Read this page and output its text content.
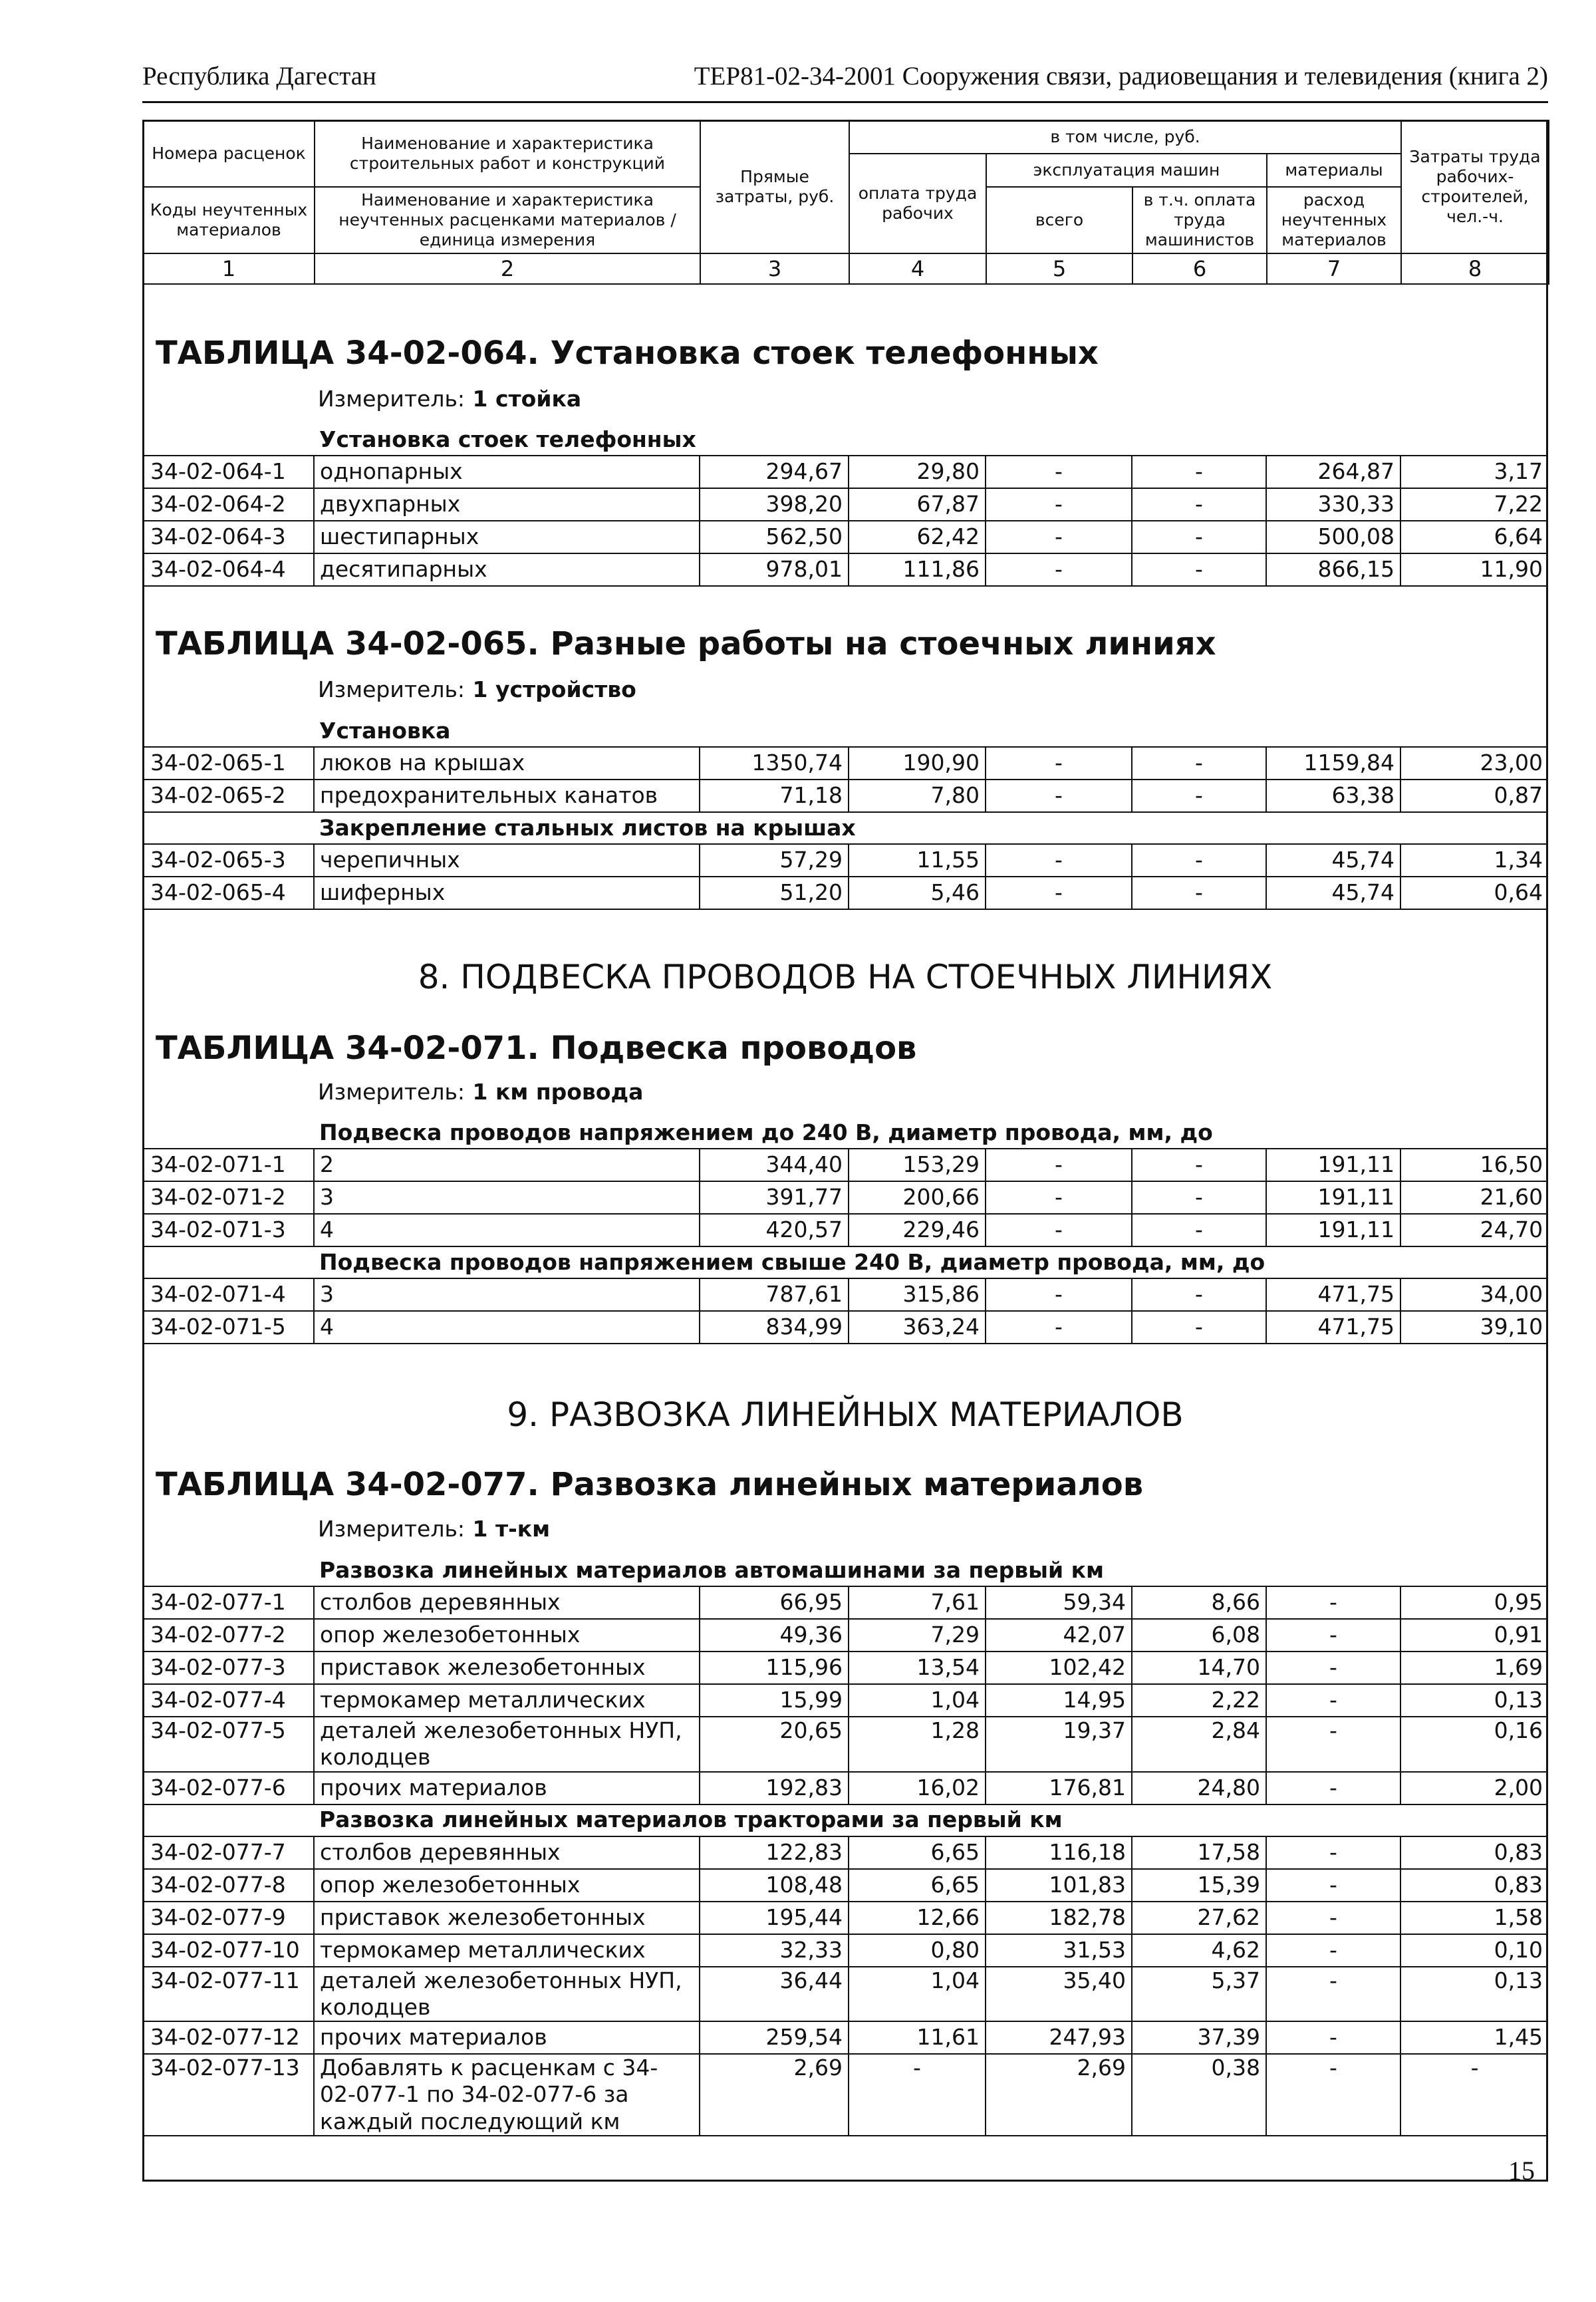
Республика Дагестан	ТЕР81-02-34-2001 Сооружения связи, радиовещания и телевидения (книга 2)
Номера расценок	Наименование и характеристика строительных работ и конструкций	Прямые затраты, руб.	в том числе, руб.				Затраты труда рабочих-строителей, чел.-ч.
			оплата труда рабочих	эксплуатация машин		материалы	
Коды неучтенных материалов	Наименование и характеристика неучтенных расценками материалов / единица измерения			всего	в т.ч. оплата труда машинистов	расход неучтенных материалов	

1	2	3	4	5	6	7	8
ТАБЛИЦА 34-02-064. Установка стоек телефонных
Измеритель: 1 стойка
	Установка стоек телефонных						
34-02-064-1	однопарных	294,67	29,80	-	-	264,87	3,17
34-02-064-2	двухпарных	398,20	67,87	-	-	330,33	7,22
34-02-064-3	шестипарных	562,50	62,42	-	-	500,08	6,64
34-02-064-4	десятипарных	978,01	111,86	-	-	866,15	11,90
ТАБЛИЦА 34-02-065. Разные работы на стоечных линиях
Измеритель: 1 устройство
	Установка						
34-02-065-1	люков на крышах	1350,74	190,90	-	-	1159,84	23,00
34-02-065-2	предохранительных канатов	71,18	7,80	-	-	63,38	0,87
	Закрепление стальных листов на крышах						
34-02-065-3	черепичных	57,29	11,55	-	-	45,74	1,34
34-02-065-4	шиферных	51,20	5,46	-	-	45,74	0,64
8. ПОДВЕСКА ПРОВОДОВ НА СТОЕЧНЫХ ЛИНИЯХ
ТАБЛИЦА 34-02-071. Подвеска проводов
Измеритель: 1 км провода
	Подвеска проводов напряжением до 240 В, диаметр провода, мм, до						
34-02-071-1	2	344,40	153,29	-	-	191,11	16,50
34-02-071-2	3	391,77	200,66	-	-	191,11	21,60
34-02-071-3	4	420,57	229,46	-	-	191,11	24,70
	Подвеска проводов напряжением свыше 240 В, диаметр провода, мм, до						
34-02-071-4	3	787,61	315,86	-	-	471,75	34,00
34-02-071-5	4	834,99	363,24	-	-	471,75	39,10
9. РАЗВОЗКА ЛИНЕЙНЫХ МАТЕРИАЛОВ
ТАБЛИЦА 34-02-077. Развозка линейных материалов
Измеритель: 1 т-км
	Развозка линейных материалов автомашинами за первый км						
34-02-077-1	столбов деревянных	66,95	7,61	59,34	8,66	-	0,95
34-02-077-2	опор железобетонных	49,36	7,29	42,07	6,08	-	0,91
34-02-077-3	приставок железобетонных	115,96	13,54	102,42	14,70	-	1,69
34-02-077-4	термокамер металлических	15,99	1,04	14,95	2,22	-	0,13
34-02-077-5	деталей железобетонных НУП, колодцев	20,65	1,28	19,37	2,84	-	0,16
34-02-077-6	прочих материалов	192,83	16,02	176,81	24,80	-	2,00
	Развозка линейных материалов тракторами за первый км						
34-02-077-7	столбов деревянных	122,83	6,65	116,18	17,58	-	0,83
34-02-077-8	опор железобетонных	108,48	6,65	101,83	15,39	-	0,83
34-02-077-9	приставок железобетонных	195,44	12,66	182,78	27,62	-	1,58
34-02-077-10	термокамер металлических	32,33	0,80	31,53	4,62	-	0,10
34-02-077-11	деталей железобетонных НУП, колодцев	36,44	1,04	35,40	5,37	-	0,13
34-02-077-12	прочих материалов	259,54	11,61	247,93	37,39	-	1,45
34-02-077-13	Добавлять к расценкам с 34-02-077-1 по 34-02-077-6 за каждый последующий км	2,69	-	2,69	0,38	-	-
15
